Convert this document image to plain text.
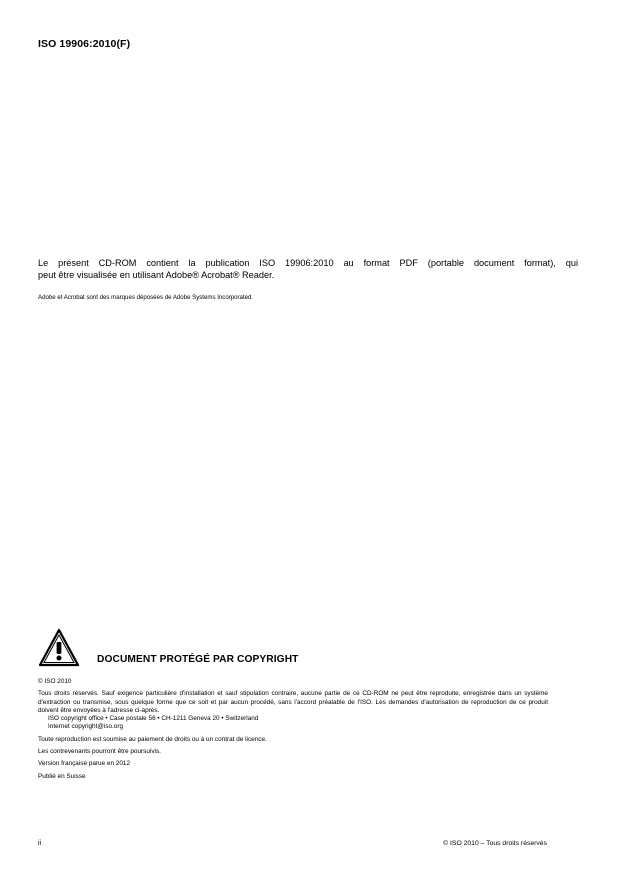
ISO 19906:2010(F)

Le présent CD-ROM contient la publication ISO 19906:2010 au format PDF (portable document format), qui

peut être visualisée en utilisant Adobe® Acrobat® Reader.

Adobe et Acrobat sont des marques déposées de Adobe Systems Incorporated.
DOCUMENT PROTÉGÉ PAR COPYRIGHT
© ISO 2010
Tous droits réservés. Sauf exigence particulière d'installation et sauf stipulation contraire, aucune partie de ce CD-ROM ne peut être reproduite, enregistrée dans un système d'extraction ou transmise, sous quelque forme que ce soit et par aucun procédé, sans l'accord préalable de l'ISO. Les demandes d'autorisation de reproduction de ce produit doivent être envoyées à l'adresse ci-après.
ISO copyright office • Case postale 56 • CH-1211 Geneva 20 • Switzerland
Internet copyright@iso.org
Toute reproduction est soumise au paiement de droits ou à un contrat de licence.
Les contrevenants pourront être poursuivis.
Version française parue en 2012
Publié en Suisse
ii	© ISO 2010 – Tous droits réservés
